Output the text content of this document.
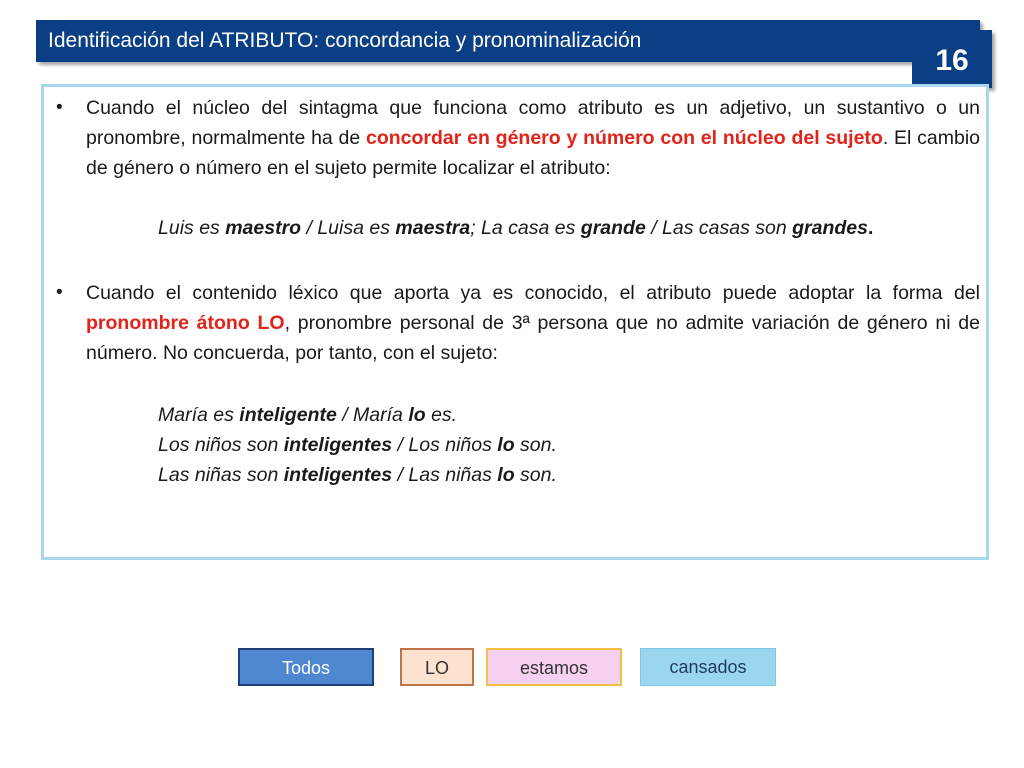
Identificación del ATRIBUTO: concordancia y pronominalización
16
• Cuando el núcleo del sintagma que funciona como atributo es un adjetivo, un sustantivo o un pronombre, normalmente ha de concordar en género y número con el núcleo del sujeto. El cambio de género o número en el sujeto permite localizar el atributo:
Luis es maestro / Luisa es maestra; La casa es grande / Las casas son grandes.
• Cuando el contenido léxico que aporta ya es conocido, el atributo puede adoptar la forma del pronombre átono LO, pronombre personal de 3ª persona que no admite variación de género ni de número. No concuerda, por tanto, con el sujeto:
María es inteligente / María lo es.
Los niños son inteligentes / Los niños lo son.
Las niñas son inteligentes / Las niñas lo son.
Todos	LO	estamos	cansados
